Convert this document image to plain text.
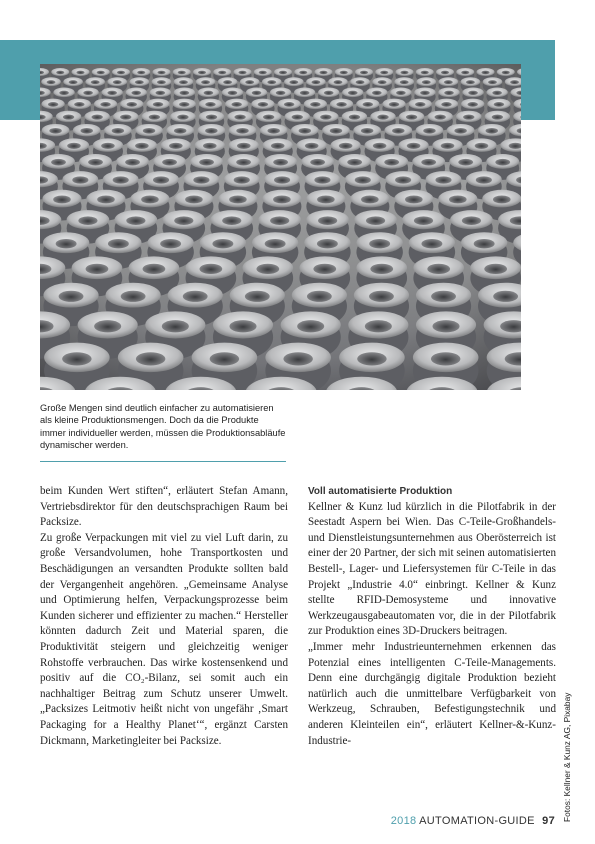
Große Mengen sind deutlich einfacher zu automatisieren als kleine Produktionsmengen. Doch da die Produkte immer individueller werden, müssen die Produktionsabläufe dynamischer werden.

beim Kunden Wert stiften“, erläutert Stefan Amann, Vertriebsdirektor für den deutschsprachigen Raum bei Packsize.

Zu große Verpackungen mit viel zu viel Luft darin, zu große Versandvolumen, hohe Transportkosten und Beschädigungen an versandten Produkte sollten bald der Vergangenheit angehören. „Gemeinsame Analyse und Optimierung helfen, Verpackungsprozesse beim Kunden sicherer und effizienter zu machen.“ Hersteller könnten dadurch Zeit und Material sparen, die Produktivität steigern und gleichzeitig weniger Rohstoffe verbrauchen. Das wirke kostensenkend und positiv auf die CO₂-Bilanz, sei somit auch ein nachhaltiger Beitrag zum Schutz unserer Umwelt. „Packsizes Leitmotiv heißt nicht von ungefähr ‚Smart Packaging for a Healthy Planet‘“, ergänzt Carsten Dickmann, Marketingleiter bei Packsize.

Voll automatisierte Produktion

Kellner & Kunz lud kürzlich in die Pilotfabrik in der Seestadt Aspern bei Wien. Das C-Teile-Großhandels- und Dienstleistungsunternehmen aus Oberösterreich ist einer der 20 Partner, der sich mit seinen automatisierten Bestell-, Lager- und Liefersystemen für C-Teile in das Projekt „Industrie 4.0“ einbringt. Kellner & Kunz stellte RFID-Demosysteme und innovative Werkzeugausgabeautomaten vor, die in der Pilotfabrik zur Produktion eines 3D-Druckers beitragen.

„Immer mehr Industrieunternehmen erkennen das Potenzial eines intelligenten C-Teile-Managements. Denn eine durchgängig digitale Produktion bezieht natürlich auch die unmittelbare Verfügbarkeit von Werkzeug, Schrauben, Befestigungstechnik und anderen Kleinteilen ein“, erläutert Kellner-&-Kunz-Industrie-	Fotos: Kellner & Kunz AG, Pixabay
2018 AUTOMATION-GUIDE 97
